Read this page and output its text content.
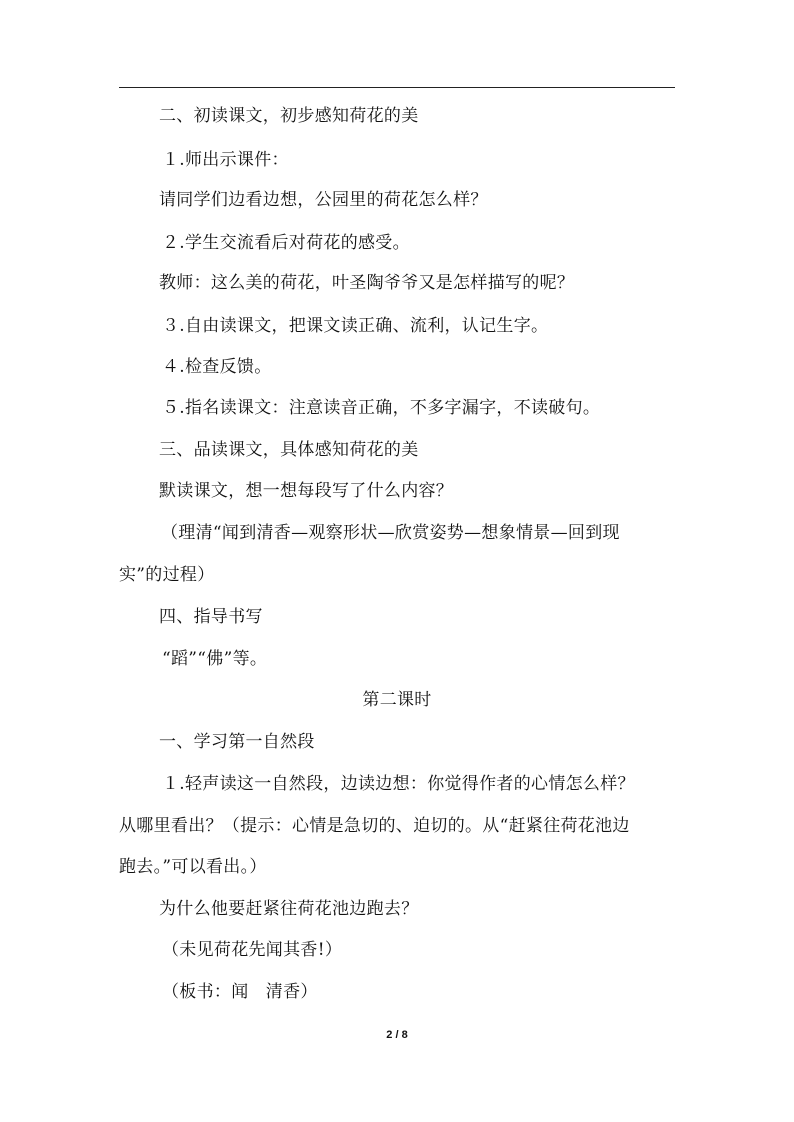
二、初读课文，初步感知荷花的美
１.师出示课件：
请同学们边看边想，公园里的荷花怎么样？
２.学生交流看后对荷花的感受。
教师：这么美的荷花，叶圣陶爷爷又是怎样描写的呢？
３.自由读课文，把课文读正确、流利，认记生字。
４.检查反馈。
５.指名读课文：注意读音正确，不多字漏字，不读破句。
三、品读课文，具体感知荷花的美
默读课文，想一想每段写了什么内容？
（理清“闻到清香—观察形状—欣赏姿势—想象情景—回到现
实”的过程）
四、指导书写
“蹈”“佛”等。
第二课时
一、学习第一自然段
１.轻声读这一自然段，边读边想：你觉得作者的心情怎么样？
从哪里看出？（提示：心情是急切的、迫切的。从“赶紧往荷花池边
跑去。”可以看出。）
为什么他要赶紧往荷花池边跑去？
（未见荷花先闻其香!）
（板书：闻　清香）
2 / 8
